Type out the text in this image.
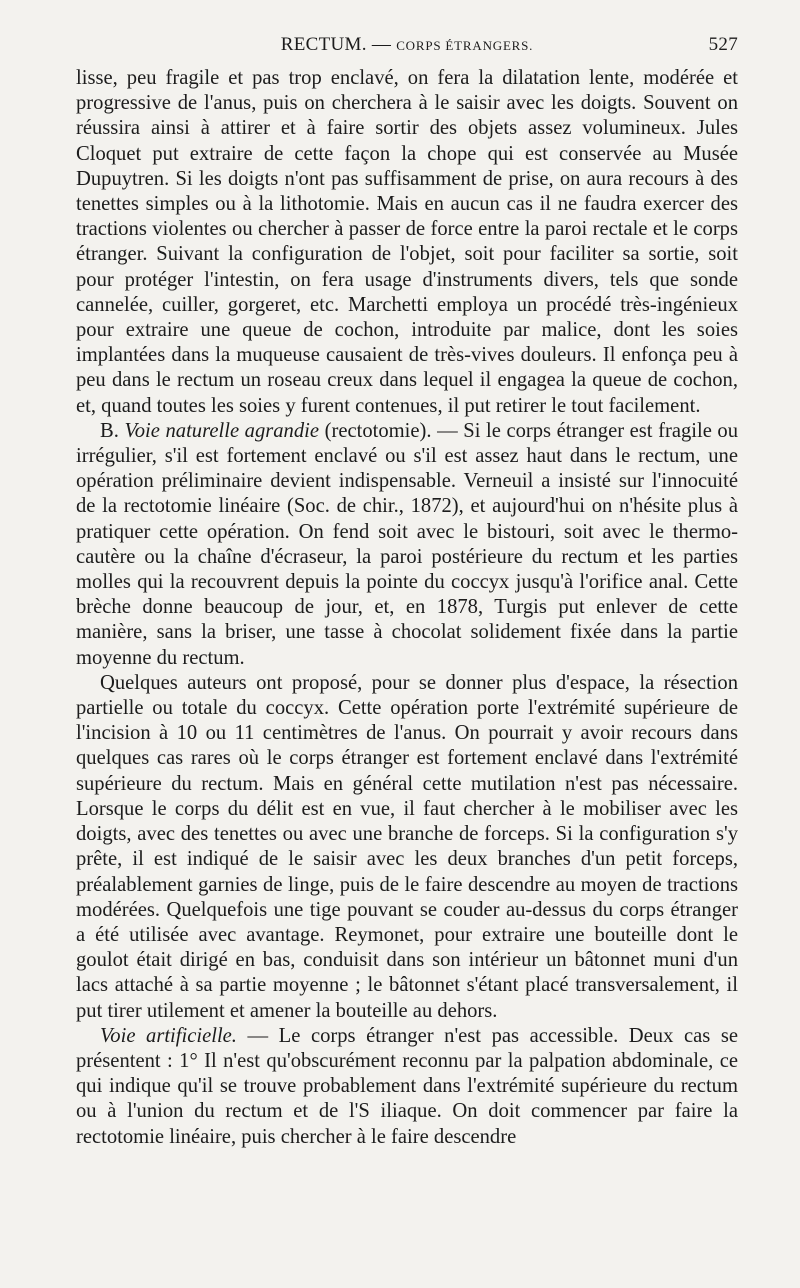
RECTUM. — CORPS ÉTRANGERS.	527

lisse, peu fragile et pas trop enclavé, on fera la dilatation lente, modérée et progressive de l'anus, puis on cherchera à le saisir avec les doigts. Souvent on réussira ainsi à attirer et à faire sortir des objets assez volumineux. Jules Cloquet put extraire de cette façon la chope qui est conservée au Musée Dupuytren. Si les doigts n'ont pas suffisamment de prise, on aura recours à des tenettes simples ou à la lithotomie. Mais en aucun cas il ne faudra exercer des tractions violentes ou chercher à passer de force entre la paroi rectale et le corps étranger. Suivant la configuration de l'objet, soit pour faciliter sa sortie, soit pour protéger l'intestin, on fera usage d'instruments divers, tels que sonde cannelée, cuiller, gorgeret, etc. Marchetti employa un procédé très-ingénieux pour extraire une queue de cochon, introduite par malice, dont les soies implantées dans la muqueuse causaient de très-vives douleurs. Il enfonça peu à peu dans le rectum un roseau creux dans lequel il engagea la queue de cochon, et, quand toutes les soies y furent contenues, il put retirer le tout facilement.

B. Voie naturelle agrandie (rectotomie). — Si le corps étranger est fragile ou irrégulier, s'il est fortement enclavé ou s'il est assez haut dans le rectum, une opération préliminaire devient indispensable. Verneuil a insisté sur l'innocuité de la rectotomie linéaire (Soc. de chir., 1872), et aujourd'hui on n'hésite plus à pratiquer cette opération. On fend soit avec le bistouri, soit avec le thermo-cautère ou la chaîne d'écraseur, la paroi postérieure du rectum et les parties molles qui la recouvrent depuis la pointe du coccyx jusqu'à l'orifice anal. Cette brèche donne beaucoup de jour, et, en 1878, Turgis put enlever de cette manière, sans la briser, une tasse à chocolat solidement fixée dans la partie moyenne du rectum.

Quelques auteurs ont proposé, pour se donner plus d'espace, la résection partielle ou totale du coccyx. Cette opération porte l'extrémité supérieure de l'incision à 10 ou 11 centimètres de l'anus. On pourrait y avoir recours dans quelques cas rares où le corps étranger est fortement enclavé dans l'extrémité supérieure du rectum. Mais en général cette mutilation n'est pas nécessaire. Lorsque le corps du délit est en vue, il faut chercher à le mobiliser avec les doigts, avec des tenettes ou avec une branche de forceps. Si la configuration s'y prête, il est indiqué de le saisir avec les deux branches d'un petit forceps, préalablement garnies de linge, puis de le faire descendre au moyen de tractions modérées. Quelquefois une tige pouvant se couder au-dessus du corps étranger a été utilisée avec avantage. Reymonet, pour extraire une bouteille dont le goulot était dirigé en bas, conduisit dans son intérieur un bâtonnet muni d'un lacs attaché à sa partie moyenne ; le bâtonnet s'étant placé transversalement, il put tirer utilement et amener la bouteille au dehors.

Voie artificielle. — Le corps étranger n'est pas accessible. Deux cas se présentent : 1° Il n'est qu'obscurément reconnu par la palpation abdominale, ce qui indique qu'il se trouve probablement dans l'extrémité supérieure du rectum ou à l'union du rectum et de l'S iliaque. On doit commencer par faire la rectotomie linéaire, puis chercher à le faire descendre
